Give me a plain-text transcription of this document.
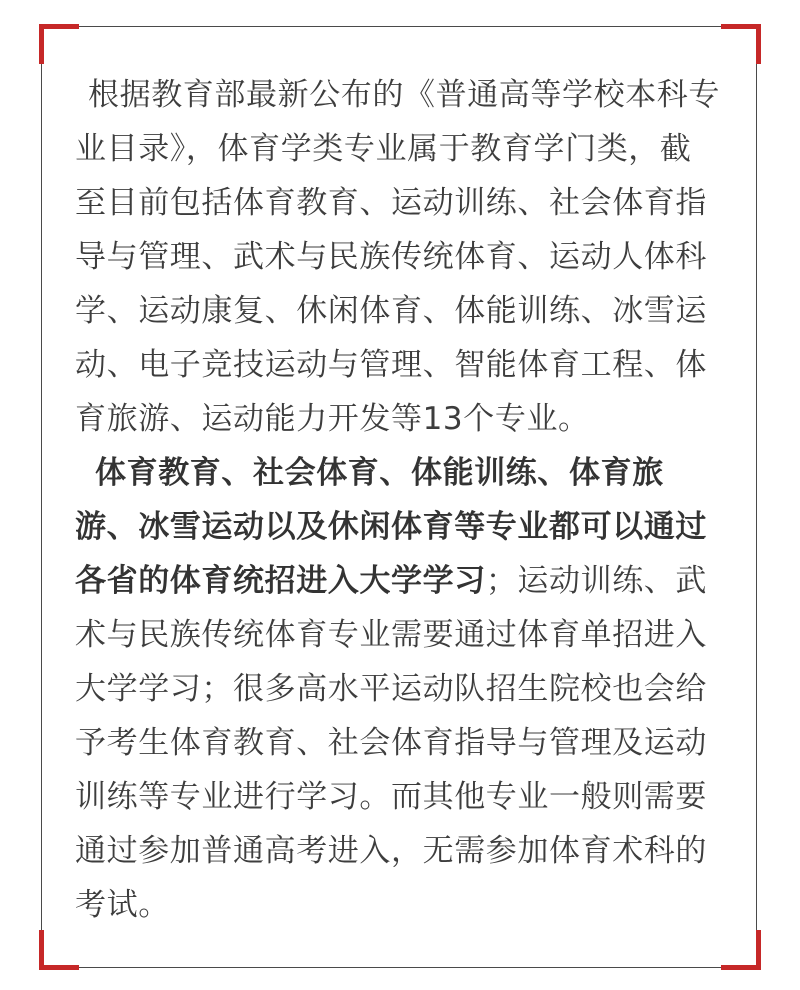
根据教育部最新公布的《普通高等学校本科专
业目录》，体育学类专业属于教育学门类，截
至目前包括体育教育、运动训练、社会体育指
导与管理、武术与民族传统体育、运动人体科
学、运动康复、休闲体育、体能训练、冰雪运
动、电子竞技运动与管理、智能体育工程、体
育旅游、运动能力开发等13个专业。
体育教育、社会体育、体能训练、体育旅
游、冰雪运动以及休闲体育等专业都可以通过
各省的体育统招进入大学学习；运动训练、武
术与民族传统体育专业需要通过体育单招进入
大学学习；很多高水平运动队招生院校也会给
予考生体育教育、社会体育指导与管理及运动
训练等专业进行学习。而其他专业一般则需要
通过参加普通高考进入，无需参加体育术科的
考试。
